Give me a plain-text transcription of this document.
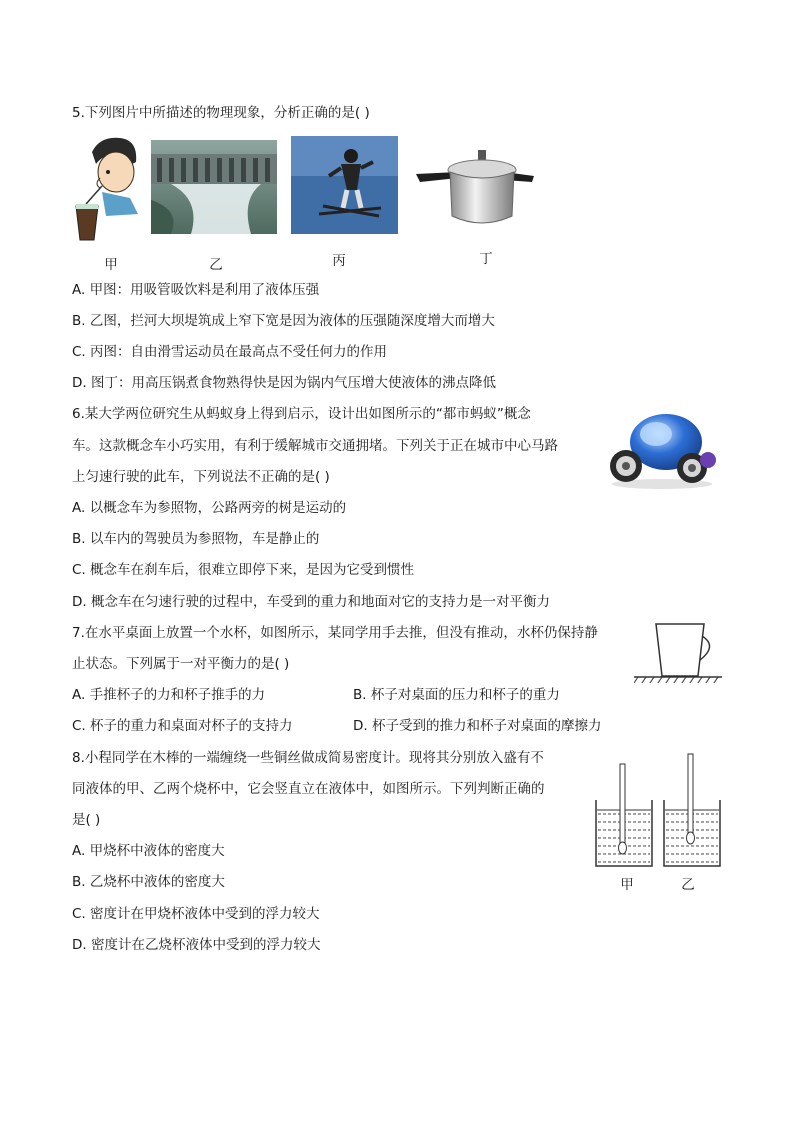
5.下列图片中所描述的物理现象，分析正确的是( )
甲	乙	丙	丁
A. 甲图：用吸管吸饮料是利用了液体压强
B. 乙图，拦河大坝堤筑成上窄下宽是因为液体的压强随深度增大而增大
C. 丙图：自由滑雪运动员在最高点不受任何力的作用
D. 图丁：用高压锅煮食物熟得快是因为锅内气压增大使液体的沸点降低
6.某大学两位研究生从蚂蚁身上得到启示，设计出如图所示的“都市蚂蚁”概念
车。这款概念车小巧实用，有利于缓解城市交通拥堵。下列关于正在城市中心马路
上匀速行驶的此车，下列说法不正确的是( )
A. 以概念车为参照物，公路两旁的树是运动的
B. 以车内的驾驶员为参照物，车是静止的
C. 概念车在刹车后，很难立即停下来，是因为它受到惯性
D. 概念车在匀速行驶的过程中，车受到的重力和地面对它的支持力是一对平衡力
7.在水平桌面上放置一个水杯，如图所示，某同学用手去推，但没有推动，水杯仍保持静
止状态。下列属于一对平衡力的是( )
A. 手推杯子的力和杯子推手的力	B. 杯子对桌面的压力和杯子的重力
C. 杯子的重力和桌面对杯子的支持力	D. 杯子受到的推力和杯子对桌面的摩擦力
8.小程同学在木棒的一端缠绕一些铜丝做成简易密度计。现将其分别放入盛有不
同液体的甲、乙两个烧杯中，它会竖直立在液体中，如图所示。下列判断正确的
是( )
甲	乙
A. 甲烧杯中液体的密度大
B. 乙烧杯中液体的密度大
C. 密度计在甲烧杯液体中受到的浮力较大
D. 密度计在乙烧杯液体中受到的浮力较大
